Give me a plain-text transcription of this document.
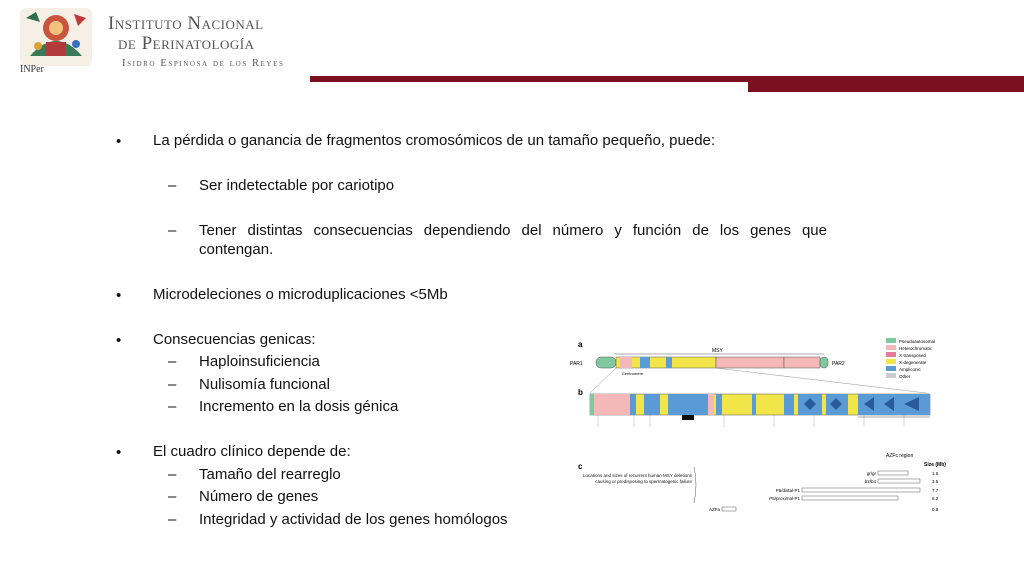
INPer
Instituto Nacional
de Perinatología
Isidro Espinosa de los Reyes
• La pérdida o ganancia de fragmentos cromosómicos de un tamaño pequeño, puede:
– Ser indetectable por cariotipo
– Tener distintas consecuencias dependiendo del número y función de los genes que
contengan.
• Microdeleciones o microduplicaciones <5Mb
• Consecuencias genicas:
– Haploinsuficiencia
– Nulisomía funcional
– Incremento en la dosis génica
• El cuadro clínico depende de:
– Tamaño del rearreglo
– Número de genes
– Integridad y actividad de los genes homólogos
a
MSY
PAR1	PAR2
Centromere
Pseudoautosomal
Heterochromatic
X-transposed
X-degenerate
Ampliconic
Other
b
AZFc region
c	Size (Mb)
Locations and sizes of recurrent human MSY deletions causing or predisposing to spermatogenic failure
gr/gr	1.6
b2/b4	3.5
P5/distal-P1	7.7
P5/proximal-P1	6.2
AZFa	0.8
